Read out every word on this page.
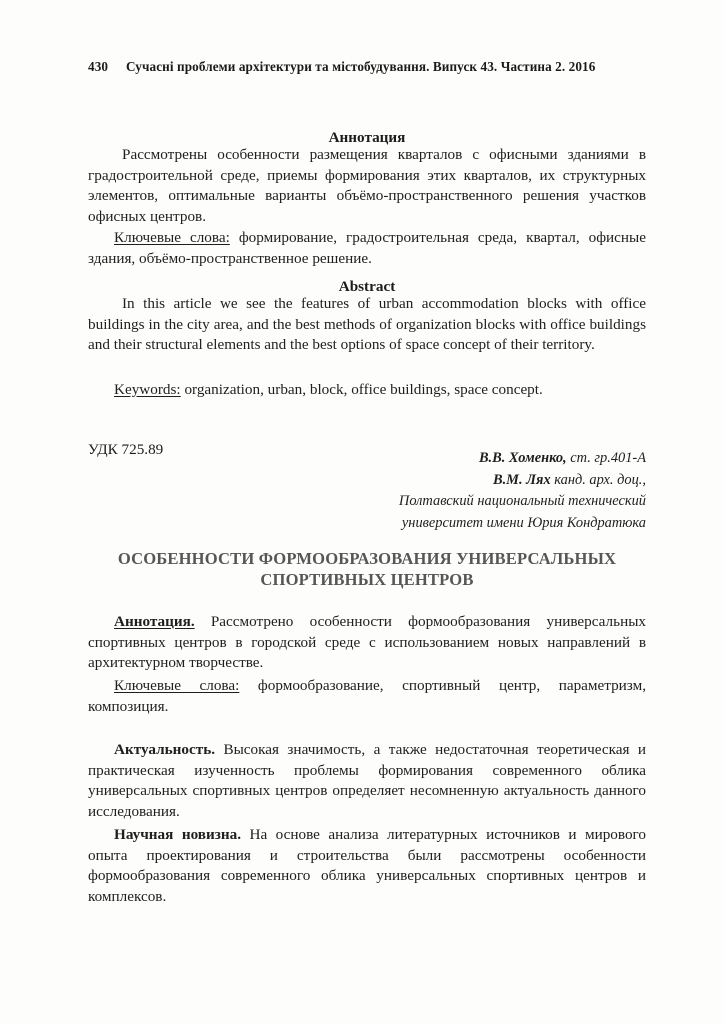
430 Сучасні проблеми архітектури та містобудування. Випуск 43. Частина 2. 2016
Аннотация

Рассмотрены особенности размещения кварталов с офисными зданиями в градостроительной среде, приемы формирования этих кварталов, их структурных элементов, оптимальные варианты объёмо-пространственного решения участков офисных центров.

Ключевые слова: формирование, градостроительная среда, квартал, офисные здания, объёмо-пространственное решение.

Abstract

In this article we see the features of urban accommodation blocks with office buildings in the city area, and the best methods of organization blocks with office buildings and their structural elements and the best options of space concept of their territory.

Keywords: organization, urban, block, office buildings, space concept.

УДК 725.89	В.В. Хоменко, ст. гр.401-А
В.М. Лях канд. арх. доц.,
Полтавский национальный технический
университет имени Юрия Кондратюка
ОСОБЕННОСТИ ФОРМООБРАЗОВАНИЯ УНИВЕРСАЛЬНЫХ
СПОРТИВНЫХ ЦЕНТРОВ

Аннотация. Рассмотрено особенности формообразования универсальных спортивных центров в городской среде с использованием новых направлений в архитектурном творчестве.

Ключевые слова: формообразование, спортивный центр, параметризм, композиция.

Актуальность. Высокая значимость, а также недостаточная теоретическая и практическая изученность проблемы формирования современного облика универсальных спортивных центров определяет несомненную актуальность данного исследования.

Научная новизна. На основе анализа литературных источников и мирового опыта проектирования и строительства были рассмотрены особенности формообразования современного облика универсальных спортивных центров и комплексов.
